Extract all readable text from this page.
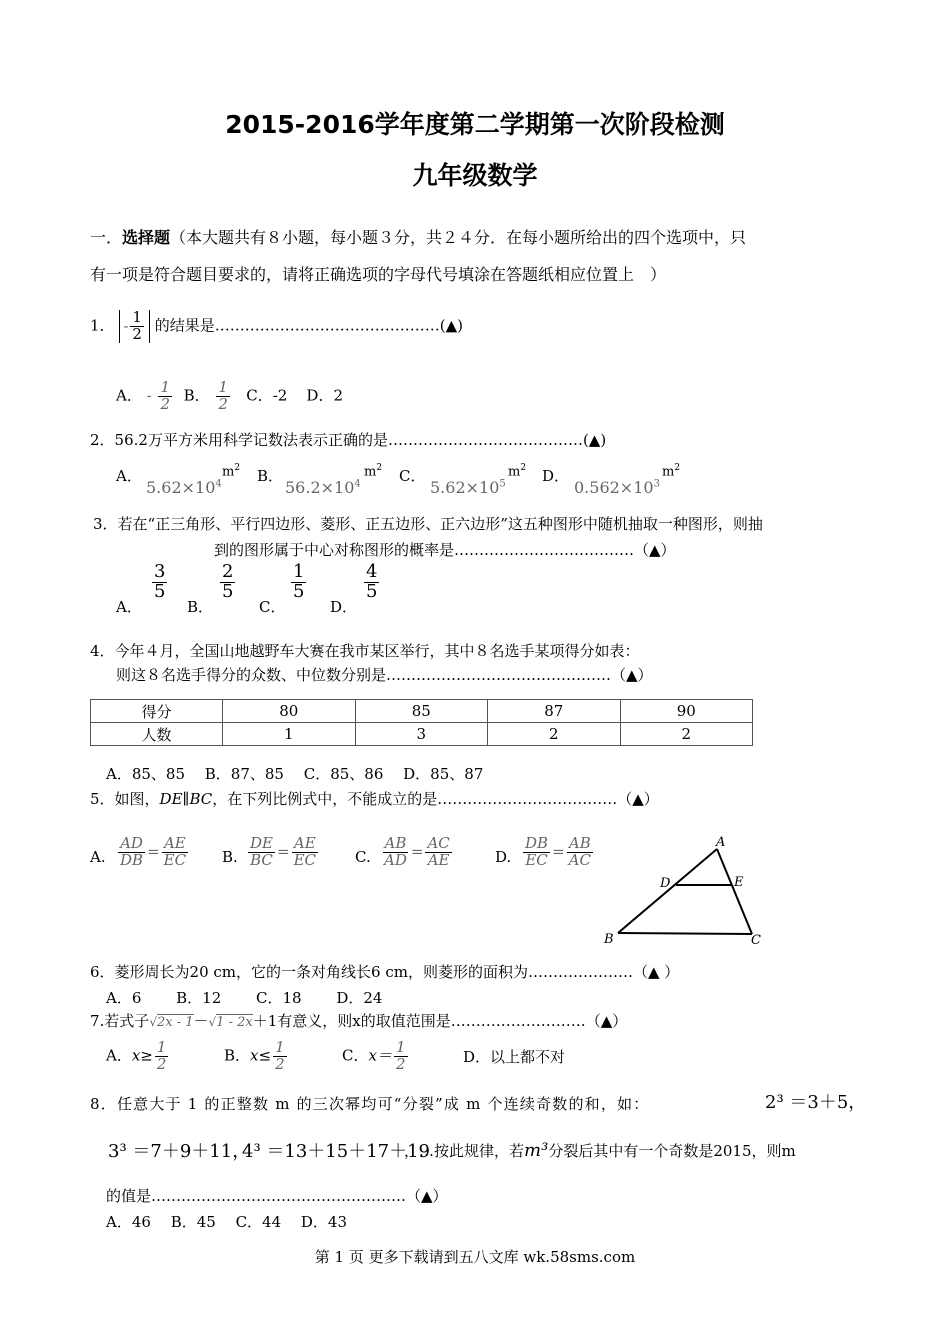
2015-2016学年度第二学期第一次阶段检测
九年级数学
一．选择题（本大题共有８小题，每小题３分，共２４分．在每小题所给出的四个选项中，只
有一项是符合题目要求的，请将正确选项的字母代号填涂在答题纸相应位置上　）
1． - $\frac{1}{2}$ 的结果是………………………………………(▲)
A． - $\frac{1}{2}$ B． $\frac{1}{2}$ C．-2 D．2
2．56.2万平方米用科学记数法表示正确的是…………………………………(▲)
A．
$5.62\times 10^4$
$m^2$ B．
$56.2\times 10^4$
$m^2$ C．
$5.62\times 10^5$
$m^2$ D．
$0.562\times 10^3$
$m^2$
3．若在“正三角形、平行四边形、菱形、正五边形、正六边形”这五种图形中随机抽取一种图形，则抽
到的图形属于中心对称图形的概率是………………………………（▲）
A．
$\frac{3}{5}$
B．
$\frac{2}{5}$
C．
$\frac{1}{5}$
D．
$\frac{4}{5}$
4．今年４月，全国山地越野车大赛在我市某区举行，其中８名选手某项得分如表：
则这８名选手得分的众数、中位数分别是………………………………………（▲）
得分	80	85	87	90
人数	1	3	2	2
A．85、85　 B．87、85　 C．85、86　 D．85、87
5．如图，DE∥BC，在下列比例式中，不能成立的是………………………………（▲）
A. $\frac{AD}{DB} = \frac{AE}{EC} B$. $\frac{DE}{BC} = \frac{AE}{EC} C$. $\frac{AB}{AD} = \frac{AC}{AE}$	D. $\frac{DB}{EC} = \frac{AB}{AC}$	A
B	C
D	E
6．菱形周长为20 cm，它的一条对角线长6 cm，则菱形的面积为…………………（▲ ）
A．6　　 B．12　　 C．18　　 D．24
7.若式子√2x - 1－√1 - 2x＋1有意义，则x的取值范围是………………………（▲）
A．$x\ge \frac{1}{2}$	B．$x\le \frac{1}{2}$	C．$x= \frac{1}{2}$	D．以上都不对
8．任意大于 1 的正整数 m 的三次幂均可“分裂”成 m 个连续奇数的和，如：	2³ ＝3＋5，
3³ ＝7＋9＋11，
4³ ＝13＋15＋17＋19
，…按此规律，若m³分裂后其中有一个奇数是2015，则m
的值是……………………………………………（▲）
A．46　 B．45　 C．44　 D．43
第 1 页 更多下载请到五八文库 wk.58sms.com
